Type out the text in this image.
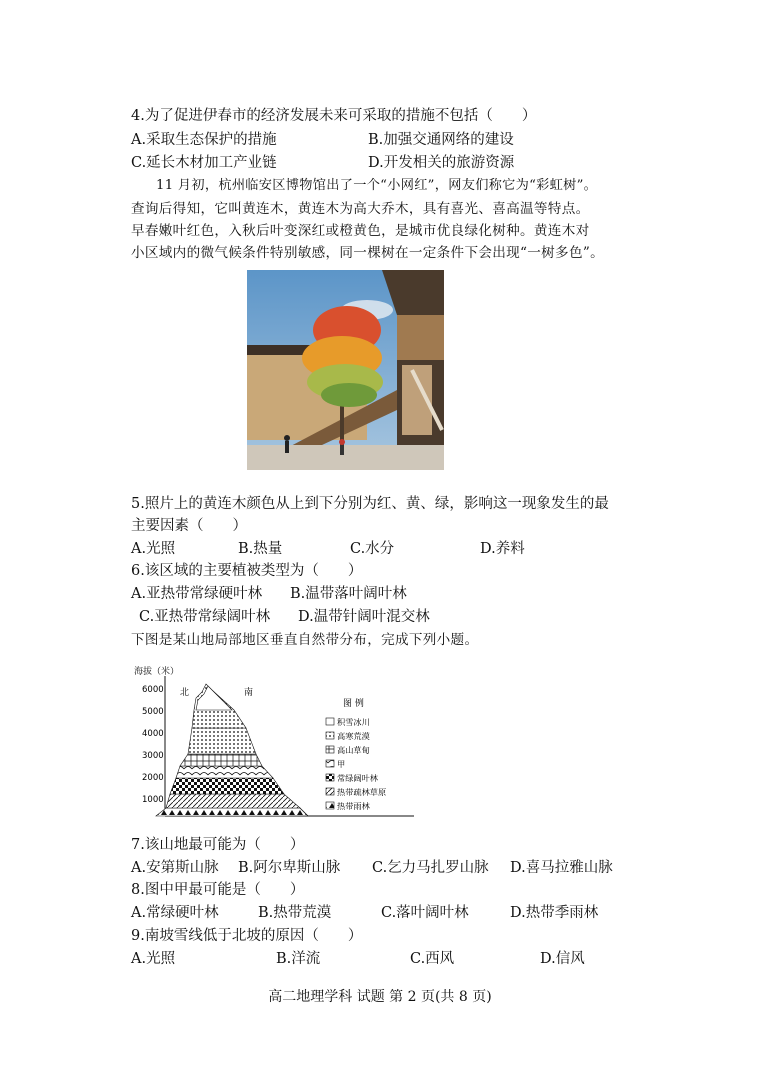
4.为了促进伊春市的经济发展未来可采取的措施不包括（　　）
A.采取生态保护的措施	B.加强交通网络的建设
C.延长木材加工产业链	D.开发相关的旅游资源
11 月初，杭州临安区博物馆出了一个“小网红”，网友们称它为“彩虹树”。
查询后得知，它叫黄连木，黄连木为高大乔木，具有喜光、喜高温等特点。
早春嫩叶红色，入秋后叶变深红或橙黄色，是城市优良绿化树种。黄连木对
小区域内的微气候条件特别敏感，同一棵树在一定条件下会出现“一树多色”。
5.照片上的黄连木颜色从上到下分别为红、黄、绿，影响这一现象发生的最
主要因素（　　）
A.光照	B.热量	C.水分	D.养料
6.该区域的主要植被类型为（　　）
A.亚热带常绿硬叶林 B.温带落叶阔叶林
C.亚热带常绿阔叶林 D.温带针阔叶混交林
下图是某山地局部地区垂直自然带分布，完成下列小题。
海拔（米）
6000
5000
4000
3000
2000
1000
北	南
图 例
积雪冰川
高寒荒漠
高山草甸
甲
常绿阔叶林
热带疏林草原
热带雨林
7.该山地最可能为（　　）
A.安第斯山脉 B.阿尔卑斯山脉 C.乞力马扎罗山脉 D.喜马拉雅山脉
8.图中甲最可能是（　　）
A.常绿硬叶林	B.热带荒漠	C.落叶阔叶林	D.热带季雨林
9.南坡雪线低于北坡的原因（　　）
A.光照	B.洋流	C.西风	D.信风
高二地理学科 试题 第 2 页(共 8 页)
